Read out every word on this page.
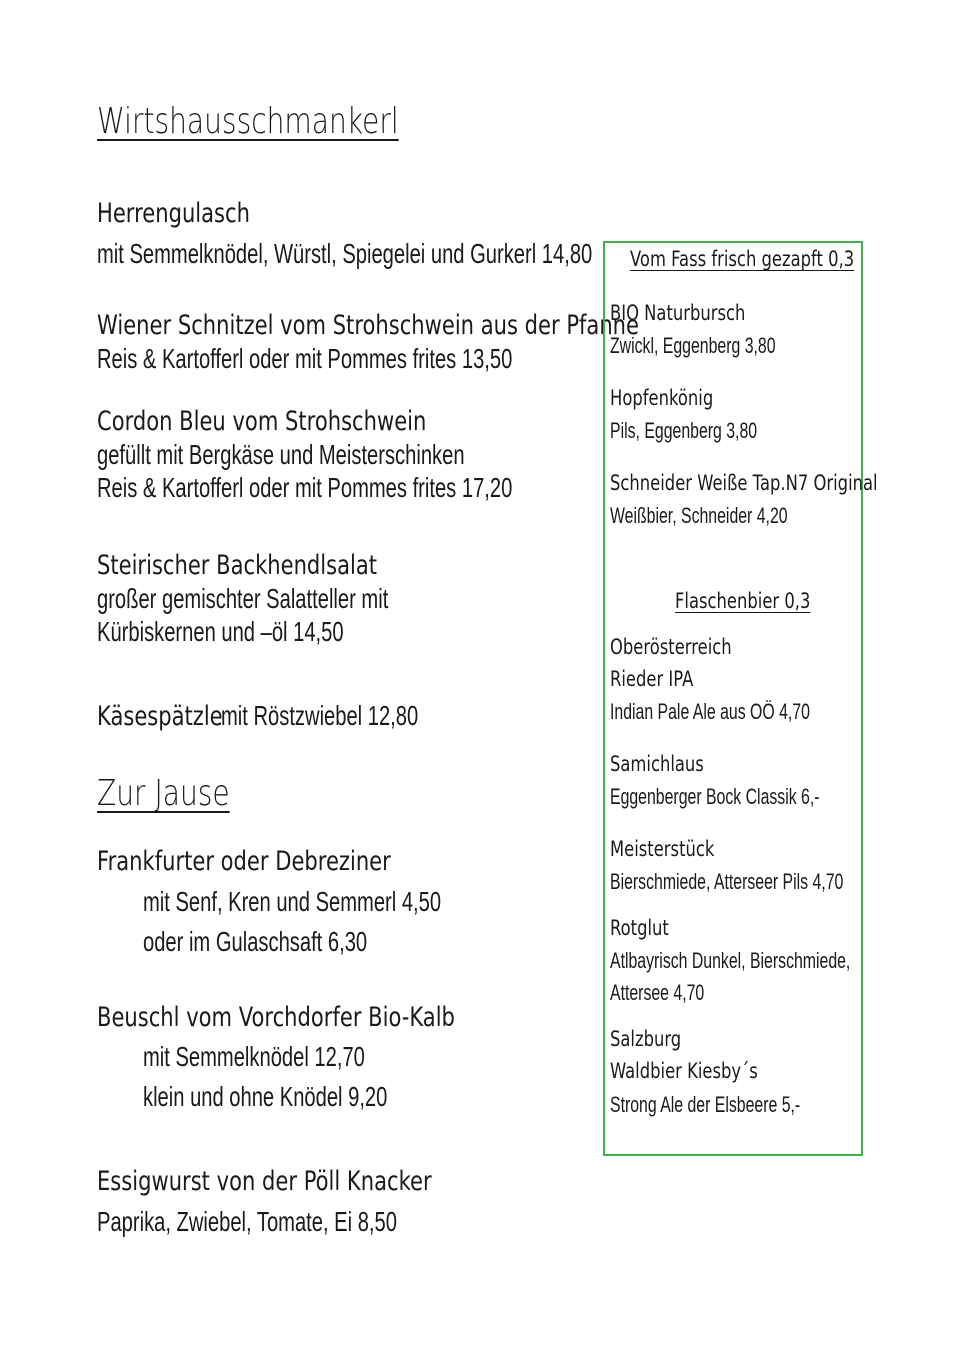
Wirtshausschmankerl
Herrengulasch
mit Semmelknödel, Würstl, Spiegelei und Gurkerl 14,80
Wiener Schnitzel vom Strohschwein aus der Pfanne
Reis & Kartofferl oder mit Pommes frites 13,50
Cordon Bleu vom Strohschwein
gefüllt mit Bergkäse und Meisterschinken
Reis & Kartofferl oder mit Pommes frites 17,20
Steirischer Backhendlsalat
großer gemischter Salatteller mit
Kürbiskernen und –öl 14,50
Käsespätzle
mit Röstzwiebel 12,80
Zur Jause
Frankfurter oder Debreziner
mit Senf, Kren und Semmerl 4,50
oder im Gulaschsaft 6,30
Beuschl vom Vorchdorfer Bio-Kalb
mit Semmelknödel 12,70
klein und ohne Knödel 9,20
Essigwurst von der Pöll Knacker
Paprika, Zwiebel, Tomate, Ei 8,50
Vom Fass frisch gezapft 0,3
BIO Naturbursch
Zwickl, Eggenberg 3,80
Hopfenkönig
Pils, Eggenberg 3,80
Schneider Weiße Tap.N7 Original
Weißbier, Schneider 4,20
Flaschenbier 0,3
Oberösterreich
Rieder IPA
Indian Pale Ale aus OÖ 4,70
Samichlaus
Eggenberger Bock Classik 6,-
Meisterstück
Bierschmiede, Atterseer Pils 4,70
Rotglut
Atlbayrisch Dunkel, Bierschmiede,
Attersee 4,70
Salzburg
Waldbier Kiesby´s
Strong Ale der Elsbeere 5,-
